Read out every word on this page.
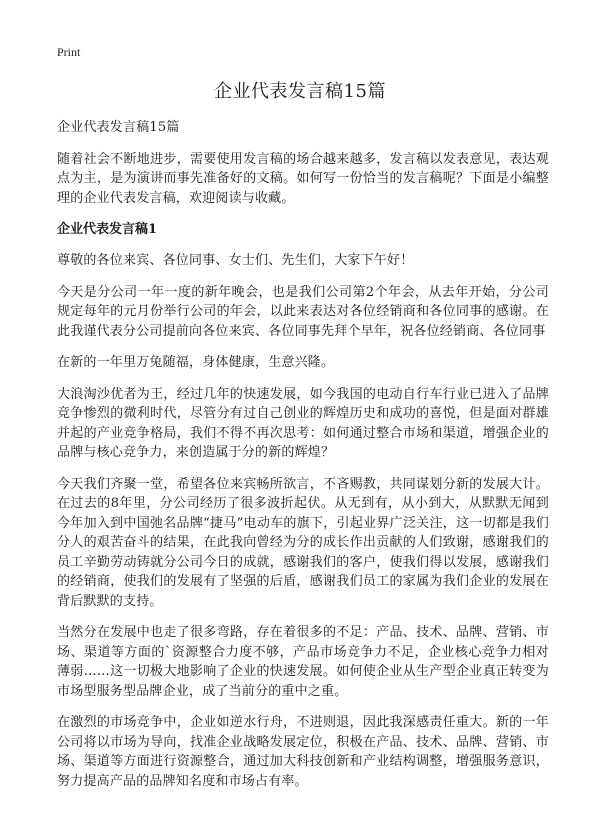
Print
企业代表发言稿15篇

企业代表发言稿15篇

随着社会不断地进步，需要使用发言稿的场合越来越多，发言稿以发表意见，表达观点为主，是为演讲而事先准备好的文稿。如何写一份恰当的发言稿呢？下面是小编整理的企业代表发言稿，欢迎阅读与收藏。

企业代表发言稿1

尊敬的各位来宾、各位同事、女士们、先生们，大家下午好！

今天是分公司一年一度的新年晚会，也是我们公司第2个年会，从去年开始，分公司规定每年的元月份举行公司的年会，以此来表达对各位经销商和各位同事的感谢。在此我谨代表分公司提前向各位来宾、各位同事先拜个早年，祝各位经销商、各位同事

在新的一年里万兔随福，身体健康，生意兴隆。

大浪淘沙优者为王，经过几年的快速发展，如今我国的电动自行车行业已进入了品牌竞争惨烈的微利时代，尽管分有过自己创业的辉煌历史和成功的喜悦，但是面对群雄并起的产业竞争格局，我们不得不再次思考：如何通过整合市场和渠道，增强企业的品牌与核心竞争力，来创造属于分的新的辉煌？

今天我们齐聚一堂，希望各位来宾畅所欲言，不吝赐教，共同谋划分新的发展大计。在过去的8年里，分公司经历了很多波折起伏。从无到有，从小到大，从默默无闻到今年加入到中国弛名品牌“捷马”电动车的旗下，引起业界广泛关注，这一切都是我们分人的艰苦奋斗的结果，在此我向曾经为分的成长作出贡献的人们致谢，感谢我们的员工辛勤劳动铸就分公司今日的成就，感谢我们的客户，使我们得以发展，感谢我们的经销商，使我们的发展有了坚强的后盾，感谢我们员工的家属为我们企业的发展在背后默默的支持。

当然分在发展中也走了很多弯路，存在着很多的不足：产品、技术、品牌、营销、市场、渠道等方面的`资源整合力度不够，产品市场竞争力不足，企业核心竞争力相对薄弱……这一切极大地影响了企业的快速发展。如何使企业从生产型企业真正转变为市场型服务型品牌企业，成了当前分的重中之重。

在激烈的市场竞争中，企业如逆水行舟，不进则退，因此我深感责任重大。新的一年公司将以市场为导向，找准企业战略发展定位，积极在产品、技术、品牌、营销、市场、渠道等方面进行资源整合，通过加大科技创新和产业结构调整，增强服务意识，努力提高产品的品牌知名度和市场占有率。
